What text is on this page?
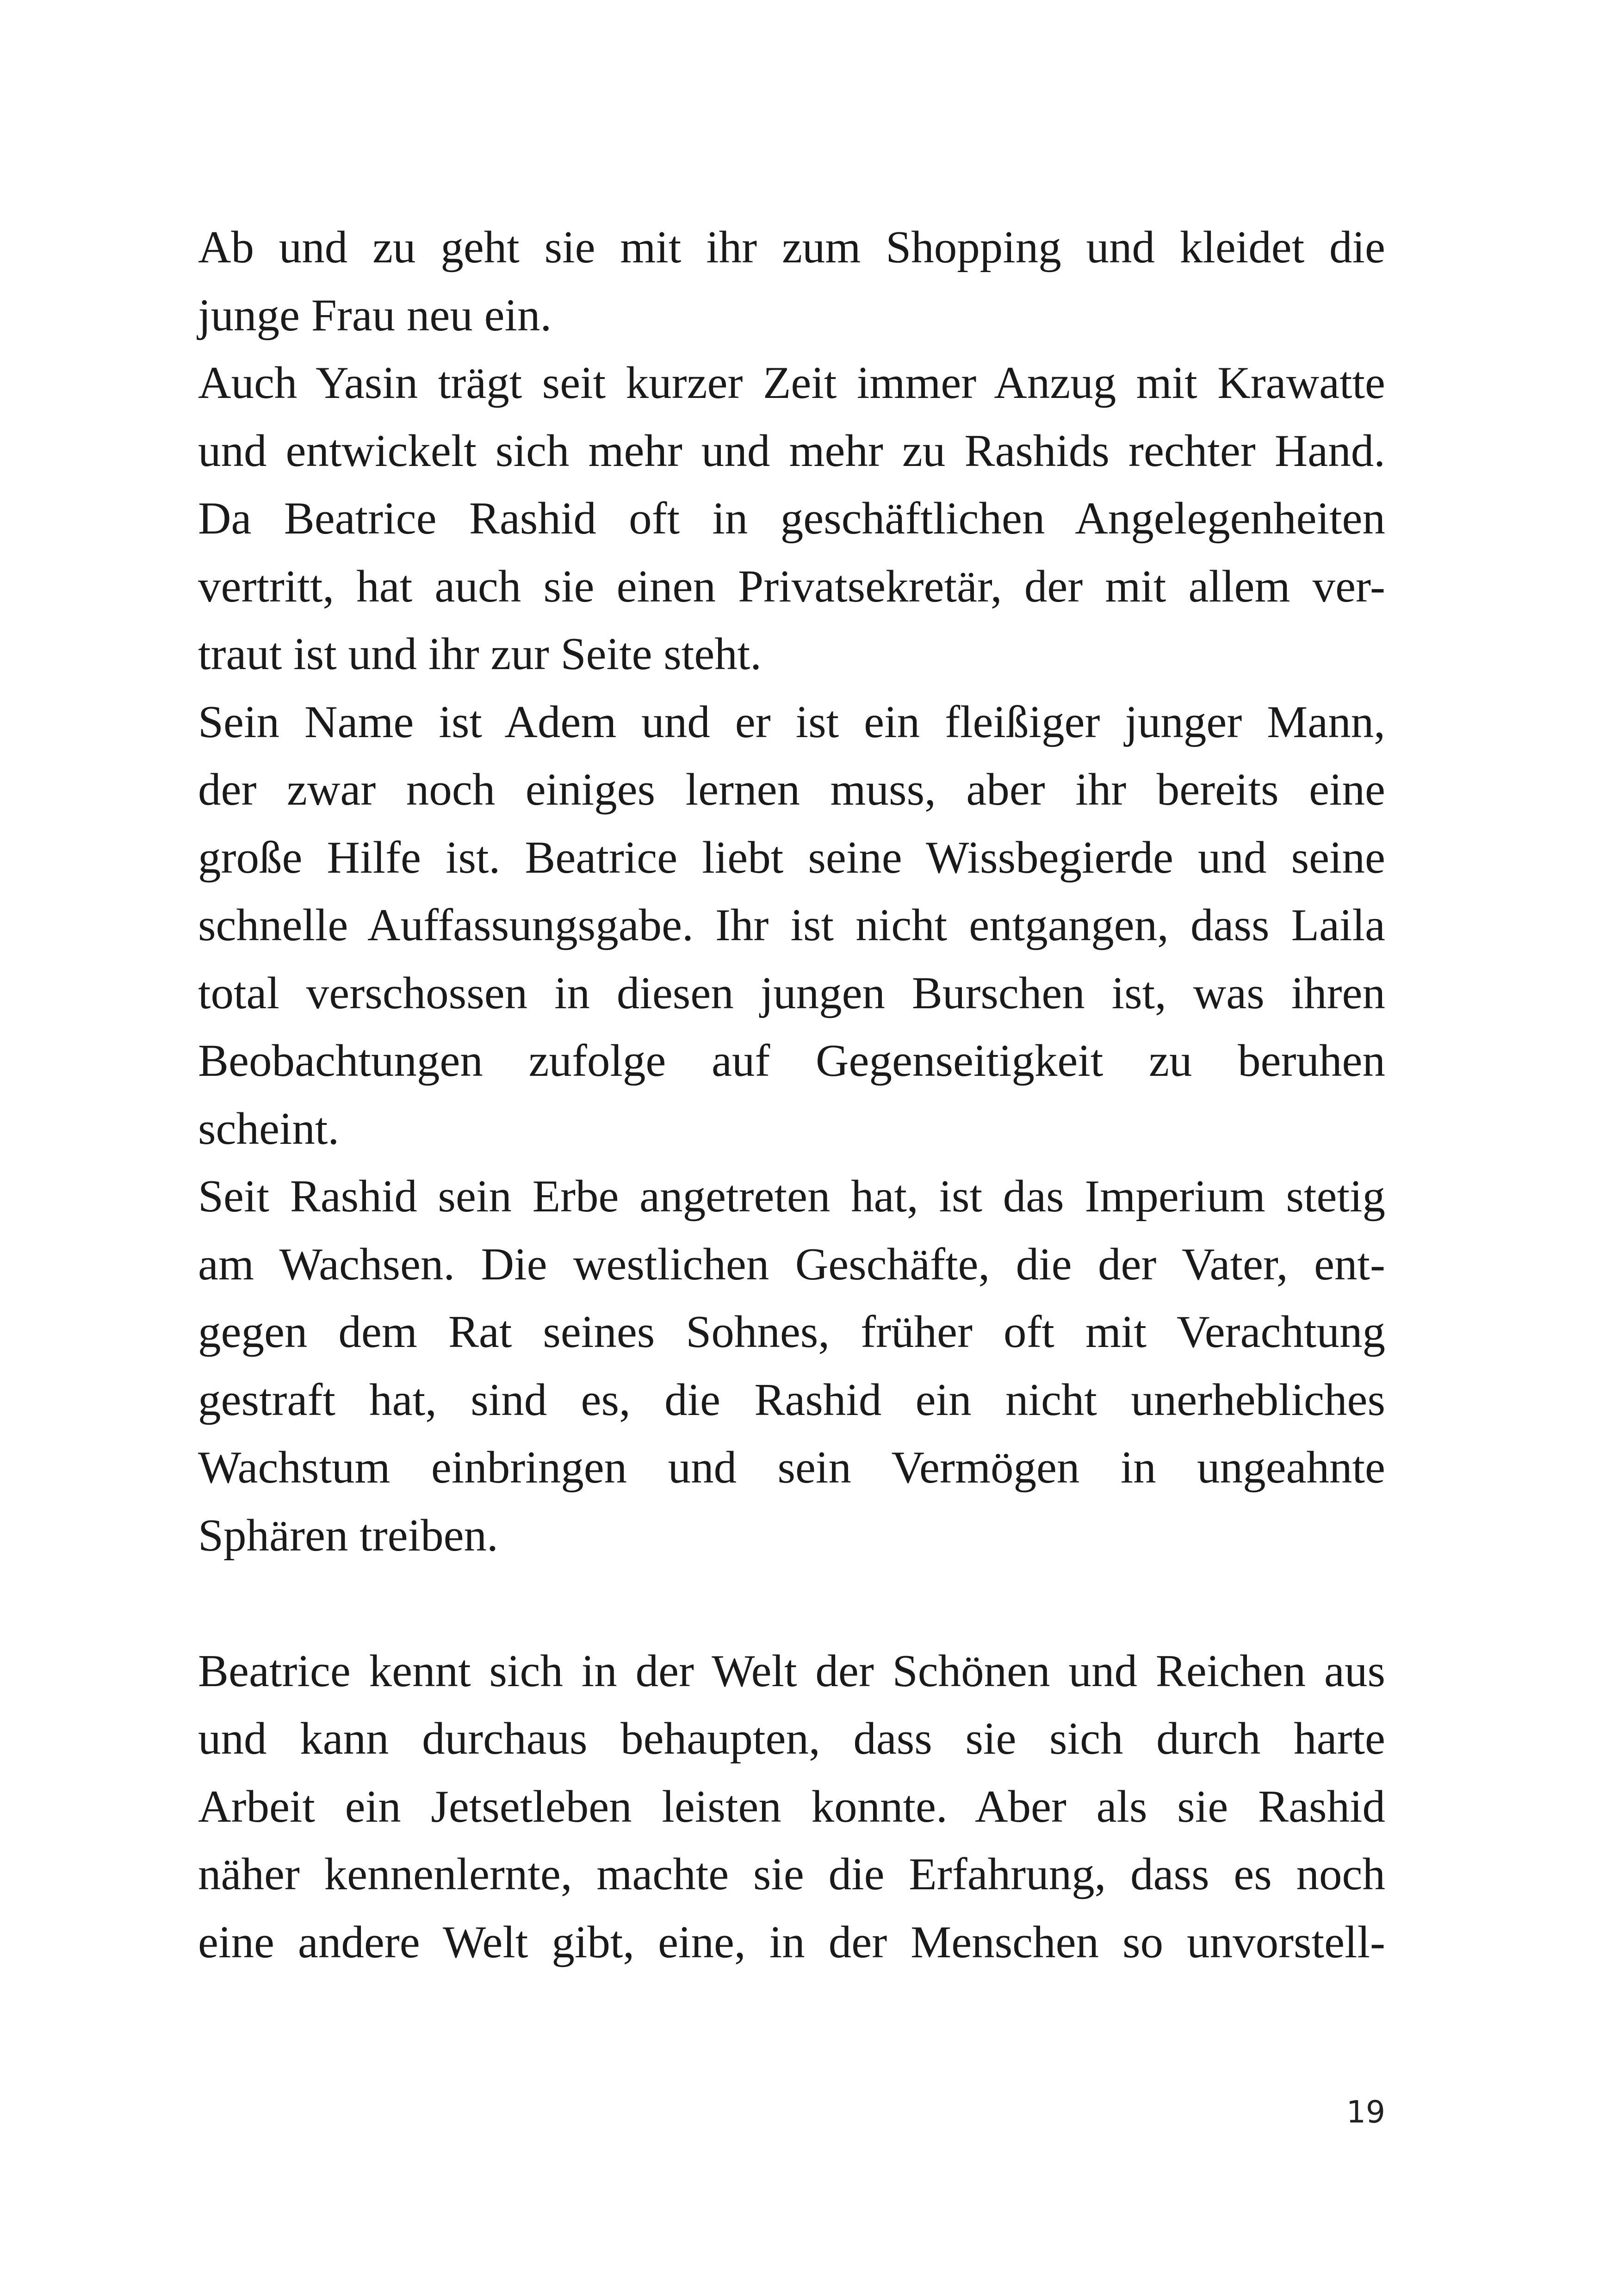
Ab und zu geht sie mit ihr zum Shopping und kleidet die
junge Frau neu ein.
Auch Yasin trägt seit kurzer Zeit immer Anzug mit Krawatte
und entwickelt sich mehr und mehr zu Rashids rechter Hand.
Da Beatrice Rashid oft in geschäftlichen Angelegenheiten
vertritt, hat auch sie einen Privatsekretär, der mit allem ver-
traut ist und ihr zur Seite steht.
Sein Name ist Adem und er ist ein fleißiger junger Mann,
der zwar noch einiges lernen muss, aber ihr bereits eine
große Hilfe ist. Beatrice liebt seine Wissbegierde und seine
schnelle Auffassungsgabe. Ihr ist nicht entgangen, dass Laila
total verschossen in diesen jungen Burschen ist, was ihren
Beobachtungen zufolge auf Gegenseitigkeit zu beruhen
scheint.
Seit Rashid sein Erbe angetreten hat, ist das Imperium stetig
am Wachsen. Die westlichen Geschäfte, die der Vater, ent-
gegen dem Rat seines Sohnes, früher oft mit Verachtung
gestraft hat, sind es, die Rashid ein nicht unerhebliches
Wachstum einbringen und sein Vermögen in ungeahnte
Sphären treiben.
Beatrice kennt sich in der Welt der Schönen und Reichen aus
und kann durchaus behaupten, dass sie sich durch harte
Arbeit ein Jetsetleben leisten konnte. Aber als sie Rashid
näher kennenlernte, machte sie die Erfahrung, dass es noch
eine andere Welt gibt, eine, in der Menschen so unvorstell-
19
